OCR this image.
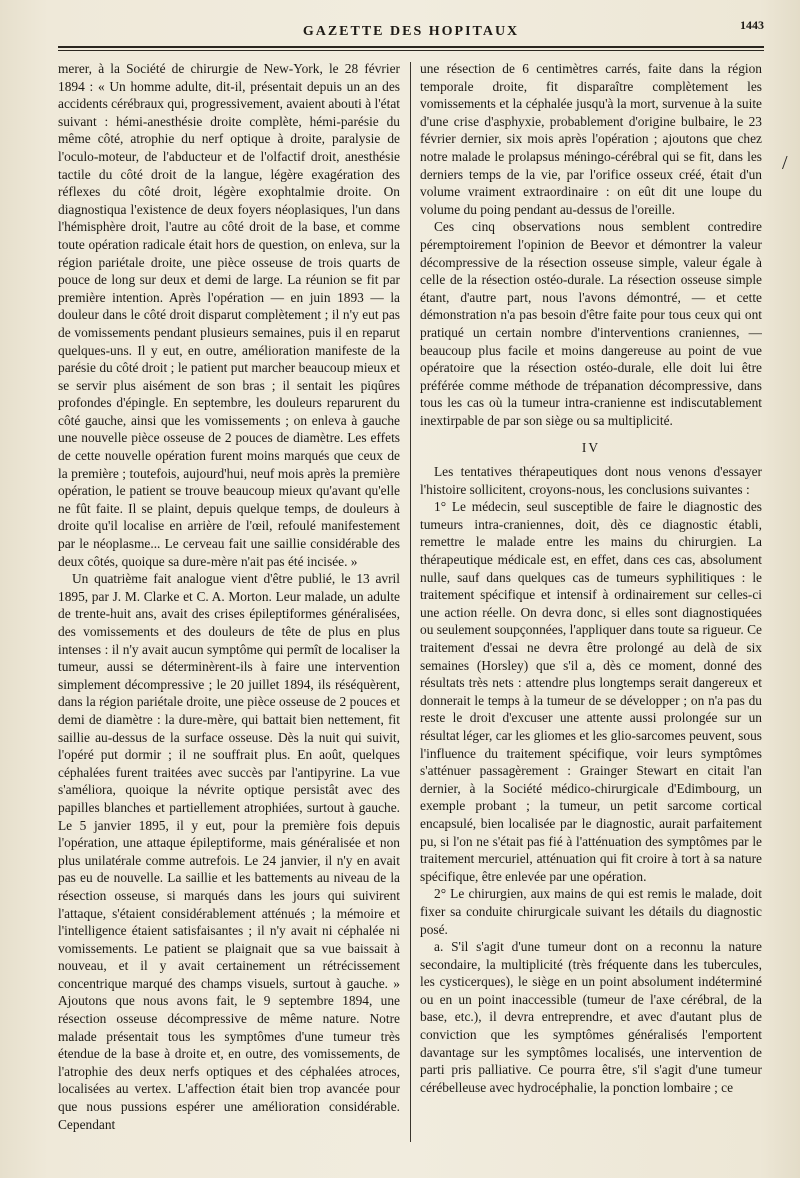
GAZETTE DES HOPITAUX	1443

merer, à la Société de chirurgie de New-York, le 28 février 1894 : « Un homme adulte, dit-il, présentait depuis un an des accidents cérébraux qui, progressivement, avaient abouti à l'état suivant : hémi-anesthésie droite complète, hémi-parésie du même côté, atrophie du nerf optique à droite, paralysie de l'oculo-moteur, de l'abducteur et de l'olfactif droit, anesthésie tactile du côté droit de la langue, légère exagération des réflexes du côté droit, légère exophtalmie droite. On diagnostiqua l'existence de deux foyers néoplasiques, l'un dans l'hémisphère droit, l'autre au côté droit de la base, et comme toute opération radicale était hors de question, on enleva, sur la région pariétale droite, une pièce osseuse de trois quarts de pouce de long sur deux et demi de large. La réunion se fit par première intention. Après l'opération — en juin 1893 — la douleur dans le côté droit disparut complètement ; il n'y eut pas de vomissements pendant plusieurs semaines, puis il en reparut quelques-uns. Il y eut, en outre, amélioration manifeste de la parésie du côté droit ; le patient put marcher beaucoup mieux et se servir plus aisément de son bras ; il sentait les piqûres profondes d'épingle. En septembre, les douleurs reparurent du côté gauche, ainsi que les vomissements ; on enleva à gauche une nouvelle pièce osseuse de 2 pouces de diamètre. Les effets de cette nouvelle opération furent moins marqués que ceux de la première ; toutefois, aujourd'hui, neuf mois après la première opération, le patient se trouve beaucoup mieux qu'avant qu'elle ne fût faite. Il se plaint, depuis quelque temps, de douleurs à droite qu'il localise en arrière de l'œil, refoulé manifestement par le néoplasme... Le cerveau fait une saillie considérable des deux côtés, quoique sa dure-mère n'ait pas été incisée. »

Un quatrième fait analogue vient d'être publié, le 13 avril 1895, par J. M. Clarke et C. A. Morton. Leur malade, un adulte de trente-huit ans, avait des crises épileptiformes généralisées, des vomissements et des douleurs de tête de plus en plus intenses : il n'y avait aucun symptôme qui permît de localiser la tumeur, aussi se déterminèrent-ils à faire une intervention simplement décompressive ; le 20 juillet 1894, ils réséquèrent, dans la région pariétale droite, une pièce osseuse de 2 pouces et demi de diamètre : la dure-mère, qui battait bien nettement, fit saillie au-dessus de la surface osseuse. Dès la nuit qui suivit, l'opéré put dormir ; il ne souffrait plus. En août, quelques céphalées furent traitées avec succès par l'antipyrine. La vue s'améliora, quoique la névrite optique persistât avec des papilles blanches et partiellement atrophiées, surtout à gauche. Le 5 janvier 1895, il y eut, pour la première fois depuis l'opération, une attaque épileptiforme, mais généralisée et non plus unilatérale comme autrefois. Le 24 janvier, il n'y en avait pas eu de nouvelle. La saillie et les battements au niveau de la résection osseuse, si marqués dans les jours qui suivirent l'attaque, s'étaient considérablement atténués ; la mémoire et l'intelligence étaient satisfaisantes ; il n'y avait ni céphalée ni vomissements. Le patient se plaignait que sa vue baissait à nouveau, et il y avait certainement un rétrécissement concentrique marqué des champs visuels, surtout à gauche. » Ajoutons que nous avons fait, le 9 septembre 1894, une résection osseuse décompressive de même nature. Notre malade présentait tous les symptômes d'une tumeur très étendue de la base à droite et, en outre, des vomissements, de l'atrophie des deux nerfs optiques et des céphalées atroces, localisées au vertex. L'affection était bien trop avancée pour que nous pussions espérer une amélioration considérable. Cependant

une résection de 6 centimètres carrés, faite dans la région temporale droite, fit disparaître complètement les vomissements et la céphalée jusqu'à la mort, survenue à la suite d'une crise d'asphyxie, probablement d'origine bulbaire, le 23 février dernier, six mois après l'opération ; ajoutons que chez notre malade le prolapsus méningo-cérébral qui se fit, dans les derniers temps de la vie, par l'orifice osseux créé, était d'un volume vraiment extraordinaire : on eût dit une loupe du volume du poing pendant au-dessus de l'oreille.

Ces cinq observations nous semblent contredire péremptoirement l'opinion de Beevor et démontrer la valeur décompressive de la résection osseuse simple, valeur égale à celle de la résection ostéo-durale. La résection osseuse simple étant, d'autre part, nous l'avons démontré, — et cette démonstration n'a pas besoin d'être faite pour tous ceux qui ont pratiqué un certain nombre d'interventions craniennes, — beaucoup plus facile et moins dangereuse au point de vue opératoire que la résection ostéo-durale, elle doit lui être préférée comme méthode de trépanation décompressive, dans tous les cas où la tumeur intra-cranienne est indiscutablement inextirpable de par son siège ou sa multiplicité.

IV

Les tentatives thérapeutiques dont nous venons d'essayer l'histoire sollicitent, croyons-nous, les conclusions suivantes :

1° Le médecin, seul susceptible de faire le diagnostic des tumeurs intra-craniennes, doit, dès ce diagnostic établi, remettre le malade entre les mains du chirurgien. La thérapeutique médicale est, en effet, dans ces cas, absolument nulle, sauf dans quelques cas de tumeurs syphilitiques : le traitement spécifique et intensif à ordinairement sur celles-ci une action réelle. On devra donc, si elles sont diagnostiquées ou seulement soupçonnées, l'appliquer dans toute sa rigueur. Ce traitement d'essai ne devra être prolongé au delà de six semaines (Horsley) que s'il a, dès ce moment, donné des résultats très nets : attendre plus longtemps serait dangereux et donnerait le temps à la tumeur de se développer ; on n'a pas du reste le droit d'excuser une attente aussi prolongée sur un résultat léger, car les gliomes et les glio-sarcomes peuvent, sous l'influence du traitement spécifique, voir leurs symptômes s'atténuer passagèrement : Grainger Stewart en citait l'an dernier, à la Société médico-chirurgicale d'Edimbourg, un exemple probant ; la tumeur, un petit sarcome cortical encapsulé, bien localisée par le diagnostic, aurait parfaitement pu, si l'on ne s'était pas fié à l'atténuation des symptômes par le traitement mercuriel, atténuation qui fit croire à tort à sa nature spécifique, être enlevée par une opération.

2° Le chirurgien, aux mains de qui est remis le malade, doit fixer sa conduite chirurgicale suivant les détails du diagnostic posé.

a. S'il s'agit d'une tumeur dont on a reconnu la nature secondaire, la multiplicité (très fréquente dans les tubercules, les cysticerques), le siège en un point absolument indéterminé ou en un point inaccessible (tumeur de l'axe cérébral, de la base, etc.), il devra entreprendre, et avec d'autant plus de conviction que les symptômes généralisés l'emportent davantage sur les symptômes localisés, une intervention de parti pris palliative. Ce pourra être, s'il s'agit d'une tumeur cérébelleuse avec hydrocéphalie, la ponction lombaire ; ce

/
